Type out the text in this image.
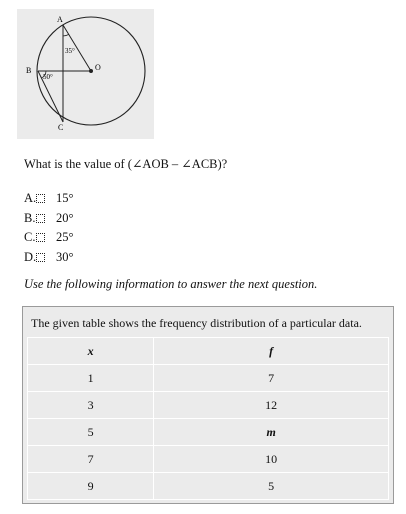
A
B
C
O
35°
50°
What is the value of (∠AOB – ∠ACB)?
A. 15°
B. 20°
C. 25°
D. 30°
Use the following information to answer the next question.
The given table shows the frequency distribution of a particular data.
x	f
1	7
3	12
5	m
7	10
9	5
